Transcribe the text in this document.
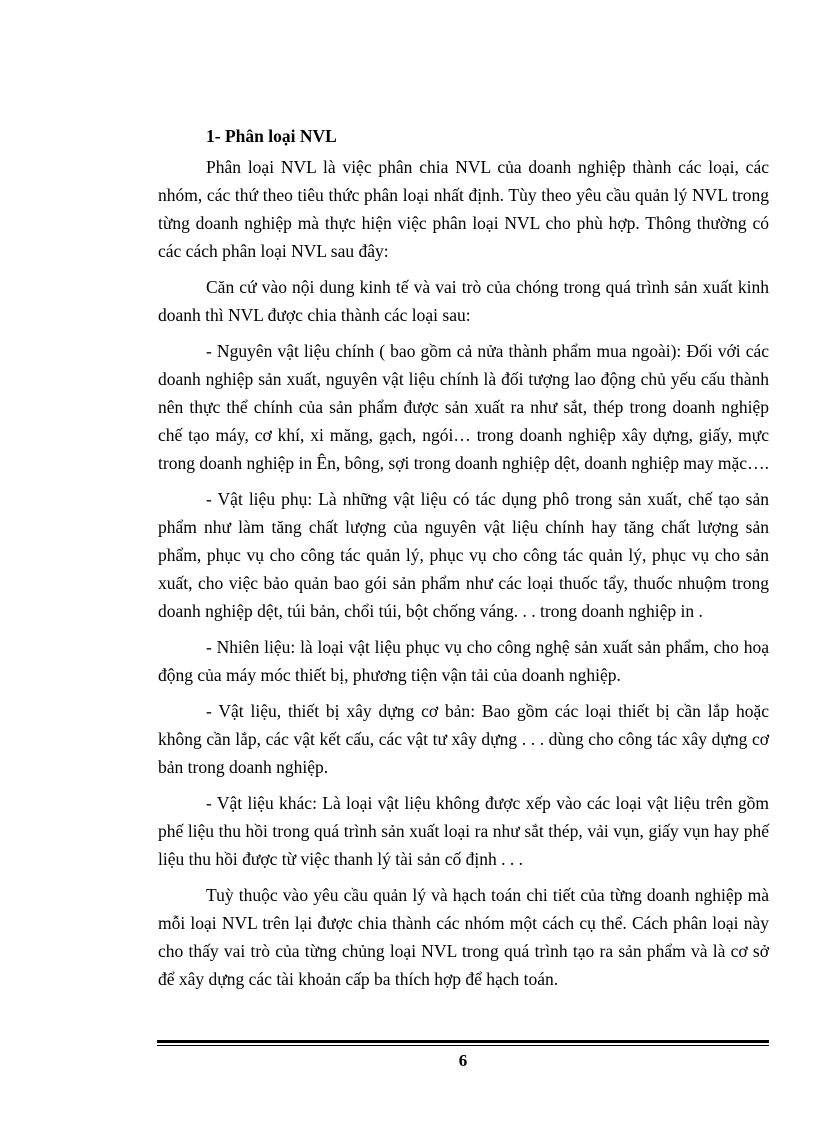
1- Phân loại NVL

Phân loại NVL là việc phân chia NVL của doanh nghiệp thành các loại, các nhóm, các thứ theo tiêu thức phân loại nhất định. Tùy theo yêu cầu quản lý NVL trong từng doanh nghiệp mà thực hiện việc phân loại NVL cho phù hợp. Thông thường có các cách phân loại NVL sau đây:

Căn cứ vào nội dung kinh tế và vai trò của chóng trong quá trình sản xuất kinh doanh thì NVL được chia thành các loại sau:

- Nguyên vật liệu chính ( bao gồm cả nửa thành phẩm mua ngoài): Đối với các doanh nghiệp sản xuất, nguyên vật liệu chính là đối tượng lao động chủ yếu cấu thành nên thực thể chính của sản phẩm được sản xuất ra như sắt, thép trong doanh nghiệp chế tạo máy, cơ khí, xi măng, gạch, ngói… trong doanh nghiệp xây dựng, giấy, mực trong doanh nghiệp in Ên, bông, sợi trong doanh nghiệp dệt, doanh nghiệp may mặc….

- Vật liệu phụ: Là những vật liệu có tác dụng phô trong sản xuất, chế tạo sản phẩm như làm tăng chất lượng của nguyên vật liệu chính hay tăng chất lượng sản phẩm, phục vụ cho công tác quản lý, phục vụ cho công tác quản lý, phục vụ cho sản xuất, cho việc bảo quản bao gói sản phẩm như các loại thuốc tẩy, thuốc nhuộm trong doanh nghiệp dệt, túi bản, chổi túi, bột chống váng. . . trong doanh nghiệp in .

- Nhiên liệu: là loại vật liệu phục vụ cho công nghệ sản xuất sản phẩm, cho hoạ động của máy móc thiết bị, phương tiện vận tải của doanh nghiệp.

- Vật liệu, thiết bị xây dựng cơ bản: Bao gồm các loại thiết bị cần lắp hoặc không cần lắp, các vật kết cấu, các vật tư xây dựng . . . dùng cho công tác xây dựng cơ bản trong doanh nghiệp.

- Vật liệu khác: Là loại vật liệu không được xếp vào các loại vật liệu trên gồm phế liệu thu hồi trong quá trình sản xuất loại ra như sắt thép, vải vụn, giấy vụn hay phế liệu thu hồi được từ việc thanh lý tài sản cố định . . .

Tuỳ thuộc vào yêu cầu quản lý và hạch toán chi tiết của từng doanh nghiệp mà mỗi loại NVL trên lại được chia thành các nhóm một cách cụ thể. Cách phân loại này cho thấy vai trò của từng chủng loại NVL trong quá trình tạo ra sản phẩm và là cơ sở để xây dựng các tài khoản cấp ba thích hợp để hạch toán.

6
